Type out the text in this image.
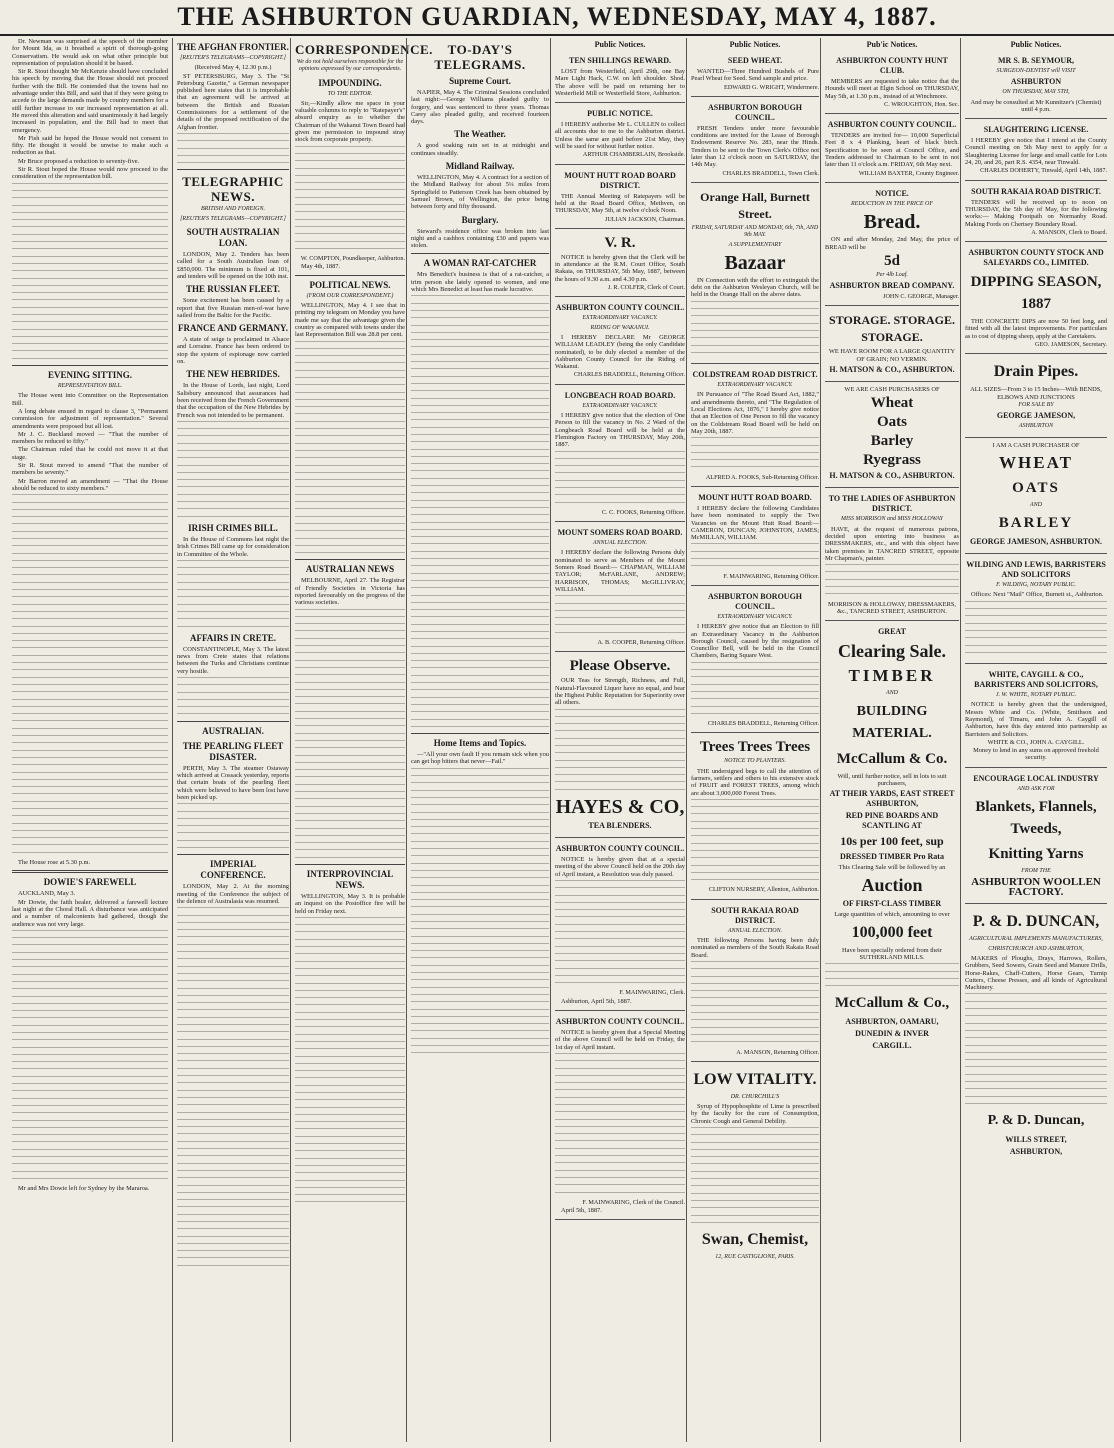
THE ASHBURTON GUARDIAN, WEDNESDAY, MAY 4, 1887.

Dr. Newman was surprised at the speech of the member for Mount Ida, as it breathed a spirit of thorough-going Conservatism. He would ask on what other principle but representation of population should it be based.

Sir R. Stout thought Mr McKenzie should have concluded his speech by moving that the House should not proceed further with the Bill. He contended that the towns had no advantage under this Bill, and said that if they were going to accede to the large demands made by country members for a still further increase to our increased representation at all. He moved this alteration and said unanimously it had largely increased in population, and the Bill had to meet that emergency.

Mr Fish said he hoped the House would not consent to fifty. He thought it would be unwise to make such a reduction as that.

Mr Bruce proposed a reduction to seventy-five.

Sir R. Stout hoped the House would now proceed to the consideration of the representation bill.

EVENING SITTING.
REPRESENTATION BILL.

The House went into Committee on the Representation Bill.

A long debate ensued in regard to clause 3, "Permanent commission for adjustment of representation." Several amendments were proposed but all lost.

Mr J. C. Buckland moved — "That the number of members be reduced to fifty."

The Chairman ruled that he could not move it at that stage.

Sir R. Stout moved to amend "That the number of members be seventy."

Mr Barron moved an amendment — "That the House should be reduced to sixty members."

The House rose at 5.30 p.m.

DOWIE'S FAREWELL

AUCKLAND, May 3.

Mr Dowie, the faith healer, delivered a farewell lecture last night at the Choral Hall. A disturbance was anticipated and a number of malcontents had gathered, though the audience was not very large.

Mr and Mrs Dowie left for Sydney by the Mararoa.

THE AFGHAN FRONTIER.
[REUTER'S TELEGRAMS—COPYRIGHT.]

(Received May 4, 12.30 p.m.)

ST PETERSBURG, May 3. The "St Petersburg Gazette," a German newspaper published here states that it is improbable that an agreement will be arrived at between the British and Russian Commissioners for a settlement of the details of the proposed rectification of the Afghan frontier.

TELEGRAPHIC NEWS.
BRITISH AND FOREIGN.
[REUTER'S TELEGRAMS—COPYRIGHT.]
SOUTH AUSTRALIAN LOAN.

LONDON, May 2. Tenders has been called for a South Australian loan of £850,000. The minimum is fixed at 101, and tenders will be opened on the 10th inst.

THE RUSSIAN FLEET.

Some excitement has been caused by a report that five Russian men-of-war have sailed from the Baltic for the Pacific.

FRANCE AND GERMANY.

A state of seige is proclaimed in Alsace and Lorraine. France has been ordered to stop the system of espionage now carried on.

THE NEW HEBRIDES.

In the House of Lords, last night, Lord Salisbury announced that assurances had been received from the French Government that the occupation of the New Hebrides by French was not intended to be permanent.

IRISH CRIMES BILL.

In the House of Commons last night the Irish Crimes Bill came up for consideration in Committee of the Whole.

AFFAIRS IN CRETE.

CONSTANTINOPLE, May 3. The latest news from Crete states that relations between the Turks and Christians continue very hostile.

AUSTRALIAN.
THE PEARLING FLEET DISASTER.

PERTH, May 3. The steamer Ostaway which arrived at Cossack yesterday, reports that certain boats of the pearling fleet which were believed to have been lost have been picked up.

IMPERIAL CONFERENCE.

LONDON, May 2. At the morning meeting of the Conference the subject of the defence of Australasia was resumed.

CORRESPONDENCE.
We do not hold ourselves responsible for the opinions expressed by our correspondents.
IMPOUNDING.
TO THE EDITOR.

Sir,—Kindly allow me space in your valuable columns to reply to "Ratepayer's" absurd enquiry as to whether the Chairman of the Wakanui Town Board had given me permission to impound stray stock from corporate property.

W. COMPTON, Poundkeeper, Ashburton.

May 4th, 1887.

POLITICAL NEWS.
(FROM OUR CORRESPONDENT.)

WELLINGTON, May 4. I see that in printing my telegram on Monday you have made me say that the advantage given the country as compared with towns under the last Representation Bill was 28.8 per cent.

AUSTRALIAN NEWS

MELBOURNE, April 27. The Registrar of Friendly Societies in Victoria has reported favourably on the progress of the various societies.

INTERPROVINCIAL NEWS.

WELLINGTON, May 3. It is probable an inquest on the Postoffice fire will be held on Friday next.

TO-DAY'S TELEGRAMS.
Supreme Court.

NAPIER, May 4. The Criminal Sessions concluded last night:—George Williams pleaded guilty to forgery, and was sentenced to three years. Thomas Carey also pleaded guilty, and received fourteen days.

The Weather.

A good soaking rain set in at midnight and continues steadily.

Midland Railway.

WELLINGTON, May 4. A contract for a section of the Midland Railway for about 5¼ miles from Springfield to Patterson Creek has been obtained by Samuel Brown, of Wellington, the price being between forty and fifty thousand.

Burglary.

Steward's residence office was broken into last night and a cashbox containing £30 and papers was stolen.

A WOMAN RAT-CATCHER

Mrs Benedict's business is that of a rat-catcher, a trim person she lately opened to women, and one which Mrs Benedict at least has made lucrative.

Home Items and Topics.

—"All your own fault If you remain sick when you can get hop bitters that never—Fail."

Public Notices.
TEN SHILLINGS REWARD.

LOST from Westerfield, April 29th, one Bay Mare Light Hack, C.W. on left shoulder. Shod. The above will be paid on returning her to Westerfield Mill or Westerfield Store, Ashburton.

PUBLIC NOTICE.

I HEREBY authorise Mr L. CULLEN to collect all accounts due to me to the Ashburton district. Unless the same are paid before 21st May, they will be sued for without further notice.

ARTHUR CHAMBERLAIN, Brookside.

MOUNT HUTT ROAD BOARD DISTRICT.

THE Annual Meeting of Ratepayers will be held at the Road Board Office, Methven, on THURSDAY, May 5th, at twelve o'clock Noon.

JULIAN JACKSON, Chairman.

V. R.

NOTICE is hereby given that the Clerk will be in attendance at the R.M. Court Office, South Rakaia, on THURSDAY, 5th May, 1887, between the hours of 9.30 a.m. and 4.30 p.m.

J. R. COLFER, Clerk of Court.

ASHBURTON COUNTY COUNCIL.
EXTRAORDINARY VACANCY.
RIDING OF WAKANUI.

I HEREBY DECLARE Mr GEORGE WILLIAM LEADLEY (being the only Candidate nominated), to be duly elected a member of the Ashburton County Council for the Riding of Wakanui.

CHARLES BRADDELL, Returning Officer.

LONGBEACH ROAD BOARD.
EXTRAORDINARY VACANCY.

I HEREBY give notice that the election of One Person to fill the vacancy in No. 2 Ward of the Longbeach Road Board will be held at the Flemington Factory on THURSDAY, May 20th, 1887.

C. C. FOOKS, Returning Officer.

MOUNT SOMERS ROAD BOARD.
ANNUAL ELECTION.

I HEREBY declare the following Persons duly nominated to serve as Members of the Mount Somers Road Board:— CHAPMAN, WILLIAM TAYLOR; McFARLANE, ANDREW; HARRISON, THOMAS; McGILLIVRAY, WILLIAM.

A. B. COOPER, Returning Officer.

Please Observe.

OUR Teas for Strength, Richness, and Full, Natural-Flavoured Liquor have no equal, and bear the Highest Public Reputation for Superiority over all others.

HAYES & CO,
TEA BLENDERS.
ASHBURTON COUNTY COUNCIL.

NOTICE is hereby given that at a special meeting of the above Council held on the 20th day of April instant, a Resolution was duly passed.

F. MAINWARING, Clerk.

Ashburton, April 5th, 1887.

ASHBURTON COUNTY COUNCIL.

NOTICE is hereby given that a Special Meeting of the above Council will be held on Friday, the 1st day of April instant.

F. MAINWARING, Clerk of the Council.

April 5th, 1887.

Public Notices.
SEED WHEAT.

WANTED—Three Hundred Bushels of Pure Pearl Wheat for Seed. Send sample and price.

EDWARD G. WRIGHT, Windermere.

ASHBURTON BOROUGH COUNCIL.

FRESH Tenders under more favourable conditions are invited for the Lease of Borough Endowment Reserve No. 283, near the Hinds. Tenders to be sent to the Town Clerk's Office not later than 12 o'clock noon on SATURDAY, the 14th May.

CHARLES BRADDELL, Town Clerk.

Orange Hall, Burnett Street.
FRIDAY, SATURDAY AND MONDAY, 6th, 7th, AND 9th MAY.
A SUPPLEMENTARY
Bazaar

IN Connection with the effort to extinguish the debt on the Ashburton Wesleyan Church, will be held in the Orange Hall on the above dates.

COLDSTREAM ROAD DISTRICT.
EXTRAORDINARY VACANCY.

IN Pursuance of "The Road Board Act, 1882," and amendments thereto, and "The Regulation of Local Elections Act, 1876," I hereby give notice that an Election of One Person to fill the vacancy on the Coldstream Road Board will be held on May 20th, 1887.

ALFRED A. FOOKS, Sub-Returning Officer.

MOUNT HUTT ROAD BOARD.

I HEREBY declare the following Candidates have been nominated to supply the Two Vacancies on the Mount Hutt Road Board:— CAMERON, DUNCAN; JOHNSTON, JAMES; McMILLAN, WILLIAM.

F. MAINWARING, Returning Officer.

ASHBURTON BOROUGH COUNCIL.
EXTRAORDINARY VACANCY.

I HEREBY give notice that an Election to fill an Extraordinary Vacancy in the Ashburton Borough Council, caused by the resignation of Councillor Bell, will be held in the Council Chambers, Baring Square West.

CHARLES BRADDELL, Returning Officer.

Trees Trees Trees
NOTICE TO PLANTERS.

THE undersigned begs to call the attention of farmers, settlers and others to his extensive stock of FRUIT and FOREST TREES, among which are about 3,000,000 Forest Trees.

CLIFTON NURSERY, Allenton, Ashburton.

SOUTH RAKAIA ROAD DISTRICT.
ANNUAL ELECTION.

THE following Persons having been duly nominated as members of the South Rakaia Road Board.

A. MANSON, Returning Officer.

LOW VITALITY.
DR. CHURCHILL'S

Syrup of Hypophosphite of Lime is prescribed by the faculty for the cure of Consumption, Chronic Cough and General Debility.

Swan, Chemist,
12, RUE CASTIGLIONE, PARIS.
Pub'ic Notices.
ASHBURTON COUNTY HUNT CLUB.

MEMBERS are requested to take notice that the Hounds will meet at Elgin School on THURSDAY, May 5th, at 1.30 p.m., instead of at Winchmore.

C. WROUGHTON, Hon. Sec.

ASHBURTON COUNTY COUNCIL.

TENDERS are invited for— 10,000 Superficial Feet 8 x 4 Planking, heart of black birch. Specification to be seen at Council Office, and Tenders addressed to Chairman to be sent in not later than 11 o'clock a.m. FRIDAY, 6th May next.

WILLIAM BAXTER, County Engineer.

NOTICE.
REDUCTION IN THE PRICE OF
Bread.

ON and after Monday, 2nd May, the price of BREAD will be

5d
Per 4lb Loaf.
ASHBURTON BREAD COMPANY.

JOHN C. GEORGE, Manager.

STORAGE. STORAGE. STORAGE.

WE HAVE ROOM FOR A LARGE QUANTITY OF GRAIN; NO VERMIN.

H. MATSON & CO., ASHBURTON.

WE ARE CASH PURCHASERS OF

Wheat
Oats
Barley
Ryegrass
H. MATSON & CO., ASHBURTON.
TO THE LADIES OF ASHBURTON DISTRICT.
MISS MORRISON and MISS HOLLOWAY

HAVE, at the request of numerous patrons, decided upon entering into business as DRESSMAKERS, etc., and with this object have taken premises in TANCRED STREET, opposite Mr Chapman's, painter.

MORRISON & HOLLOWAY, DRESSMAKERS, &c., TANCRED STREET, ASHBURTON.

GREAT
Clearing Sale.
TIMBER
AND
BUILDING MATERIAL.
McCallum & Co.

Will, until further notice, sell in lots to suit purchasers,

AT THEIR YARDS, EAST STREET ASHBURTON,
RED PINE BOARDS AND SCANTLING AT
10s per 100 feet, sup
DRESSED TIMBER Pro Rata

This Clearing Sale will be followed by an

Auction
OF FIRST-CLASS TIMBER

Large quantities of which, amounting to over

100,000 feet

Have been specially ordered from their SUTHERLAND MILLS.

McCallum & Co.,
ASHBURTON, OAMARU,
DUNEDIN & INVER
CARGILL.
Public Notices.
MR S. B. SEYMOUR,
SURGEON-DENTIST will VISIT
ASHBURTON
ON THURSDAY, MAY 5TH,

And may be consulted at Mr Kunnitzer's (Chemist) until 4 p.m.

SLAUGHTERING LICENSE.

I HEREBY give notice that I intend at the County Council meeting on 5th May next to apply for a Slaughtering License for large and small cattle for Lots 24, 20, and 26, part R.S. 4354, near Tinwald.

CHARLES DOHERTY, Tinwald, April 14th, 1887.

SOUTH RAKAIA ROAD DISTRICT.

TENDERS will be received up to noon on THURSDAY, the 5th day of May, for the following works:— Making Footpath on Normanby Road. Making Fords on Chertsey Boundary Road.

A. MANSON, Clerk to Board.

ASHBURTON COUNTY STOCK AND SALEYARDS CO., LIMITED.
DIPPING SEASON, 1887

THE CONCRETE DIPS are now 50 feet long, and fitted with all the latest improvements. For particulars as to cost of dipping sheep, apply at the Caretakers.

GEO. JAMESON, Secretary.

Drain Pipes.

ALL SIZES—From 3 to 15 Inches—With BENDS, ELBOWS AND JUNCTIONS

FOR SALE BY
GEORGE JAMESON,
ASHBURTON

I AM A CASH PURCHASER OF

WHEAT
OATS
AND
BARLEY
GEORGE JAMESON, ASHBURTON.
WILDING AND LEWIS, BARRISTERS AND SOLICITORS
F. WILDING, NOTARY PUBLIC.

Offices: Next "Mail" Office, Burnett st., Ashburton.

WHITE, CAYGILL & CO., BARRISTERS AND SOLICITORS,
J. W. WHITE, NOTARY PUBLIC.

NOTICE is hereby given that the undersigned, Messrs White and Co. (White, Smithson and Raymond), of Timaru, and John A. Caygill of Ashburton, have this day entered into partnership as Barristers and Solicitors.

WHITE & CO., JOHN A. CAYGILL.

Money to lend in any sums on approved freehold security.

ENCOURAGE LOCAL INDUSTRY
AND ASK FOR
Blankets, Flannels, Tweeds,
Knitting Yarns
FROM THE
ASHBURTON WOOLLEN FACTORY.
P. & D. DUNCAN,
AGRICULTURAL IMPLEMENTS MANUFACTURERS,
CHRISTCHURCH AND ASHBURTON,

MAKERS of Ploughs, Drays, Harrows, Rollers, Grubbers, Seed Sowers, Grain Seed and Manure Drills, Horse-Rakes, Chaff-Cutters, Horse Gears, Turnip Cutters, Cheese Presses, and all kinds of Agricultural Machinery.

P. & D. Duncan,
WILLS STREET,
ASHBURTON,
